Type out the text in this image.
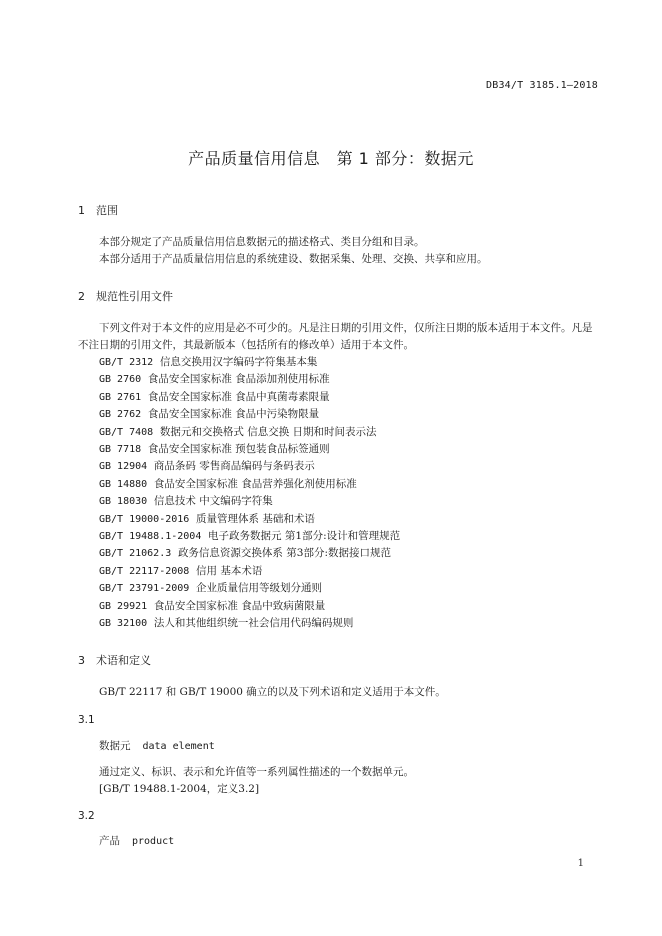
DB34/T 3185.1—2018
产品质量信用信息　第 1 部分：数据元
1 范围
本部分规定了产品质量信用信息数据元的描述格式、类目分组和目录。
本部分适用于产品质量信用信息的系统建设、数据采集、处理、交换、共享和应用。
2 规范性引用文件
下列文件对于本文件的应用是必不可少的。凡是注日期的引用文件，仅所注日期的版本适用于本文件。凡是不注日期的引用文件，其最新版本（包括所有的修改单）适用于本文件。
GB/T 2312 信息交换用汉字编码字符集基本集
GB 2760 食品安全国家标准 食品添加剂使用标准
GB 2761 食品安全国家标准 食品中真菌毒素限量
GB 2762 食品安全国家标准 食品中污染物限量
GB/T 7408 数据元和交换格式 信息交换 日期和时间表示法
GB 7718 食品安全国家标准 预包装食品标签通则
GB 12904 商品条码 零售商品编码与条码表示
GB 14880 食品安全国家标准 食品营养强化剂使用标准
GB 18030 信息技术 中文编码字符集
GB/T 19000-2016 质量管理体系 基础和术语
GB/T 19488.1-2004 电子政务数据元 第1部分:设计和管理规范
GB/T 21062.3 政务信息资源交换体系 第3部分:数据接口规范
GB/T 22117-2008 信用 基本术语
GB/T 23791-2009 企业质量信用等级划分通则
GB 29921 食品安全国家标准 食品中致病菌限量
GB 32100 法人和其他组织统一社会信用代码编码规则
3 术语和定义
GB/T 22117 和 GB/T 19000 确立的以及下列术语和定义适用于本文件。
3.1
数据元 data element
通过定义、标识、表示和允许值等一系列属性描述的一个数据单元。
[GB/T 19488.1-2004，定义3.2]
3.2
产品 product
1
